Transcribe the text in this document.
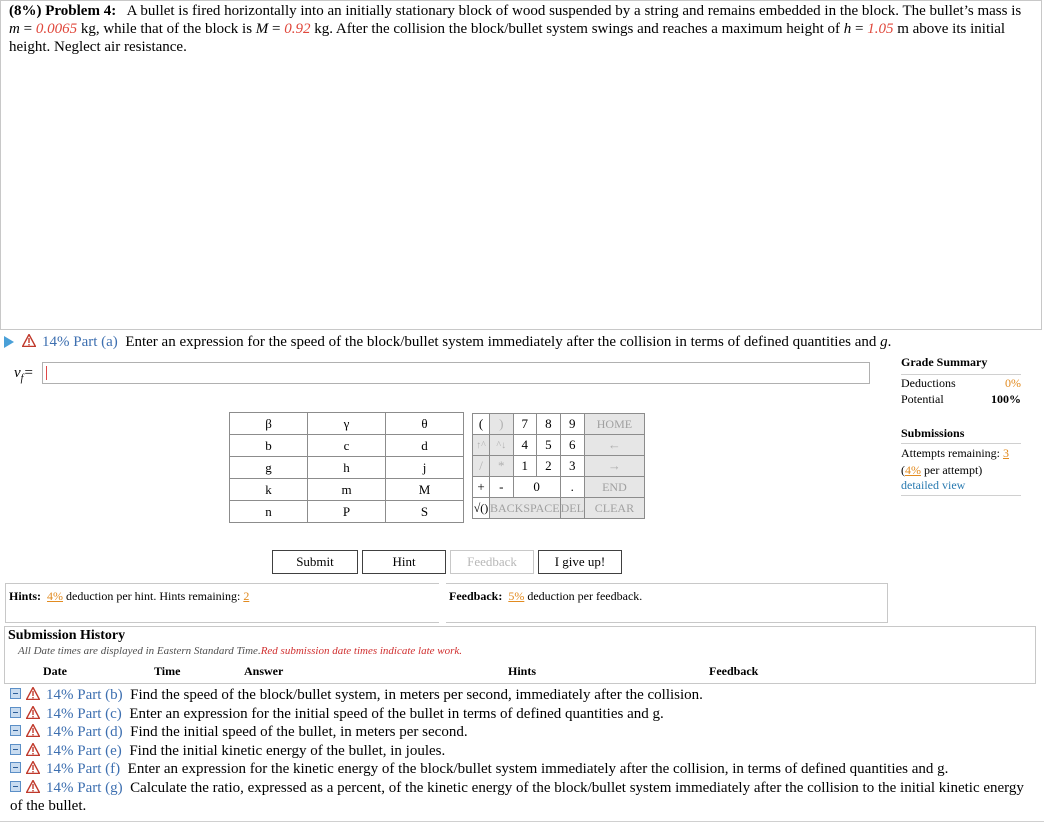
(8%) Problem 4: A bullet is fired horizontally into an initially stationary block of wood suspended by a string and remains embedded in the block. The bullet’s mass is m = 0.0065 kg, while that of the block is M = 0.92 kg. After the collision the block/bullet system swings and reaches a maximum height of h = 1.05 m above its initial height. Neglect air resistance.
14% Part (a) Enter an expression for the speed of the block/bullet system immediately after the collision in terms of defined quantities and g.
$v_f=$
Grade Summary
Deductions	0%
Potential	100%
Submissions
Attempts remaining: 3
(4% per attempt)
detailed view
β	γ	θ
b	c	d
g	h	j
k	m	M
n	P	S
(	)	7	8	9	HOME
↑^	^↓	4	5	6	←
/	*	1	2	3	→
+	-	0		.	END
√()	BACKSPACE			DEL	CLEAR
Submit	Hint	Feedback	I give up!
Hints: 4% deduction per hint. Hints remaining: 2	Feedback: 5% deduction per feedback.
Submission History
All Date times are displayed in Eastern Standard Time.Red submission date times indicate late work.
Date	Time	Answer	Hints	Feedback
14% Part (b) Find the speed of the block/bullet system, in meters per second, immediately after the collision.
14% Part (c) Enter an expression for the initial speed of the bullet in terms of defined quantities and g.
14% Part (d) Find the initial speed of the bullet, in meters per second.
14% Part (e) Find the initial kinetic energy of the bullet, in joules.
14% Part (f) Enter an expression for the kinetic energy of the block/bullet system immediately after the collision, in terms of defined quantities and g.
14% Part (g) Calculate the ratio, expressed as a percent, of the kinetic energy of the block/bullet system immediately after the collision to the initial kinetic energy of the bullet.
